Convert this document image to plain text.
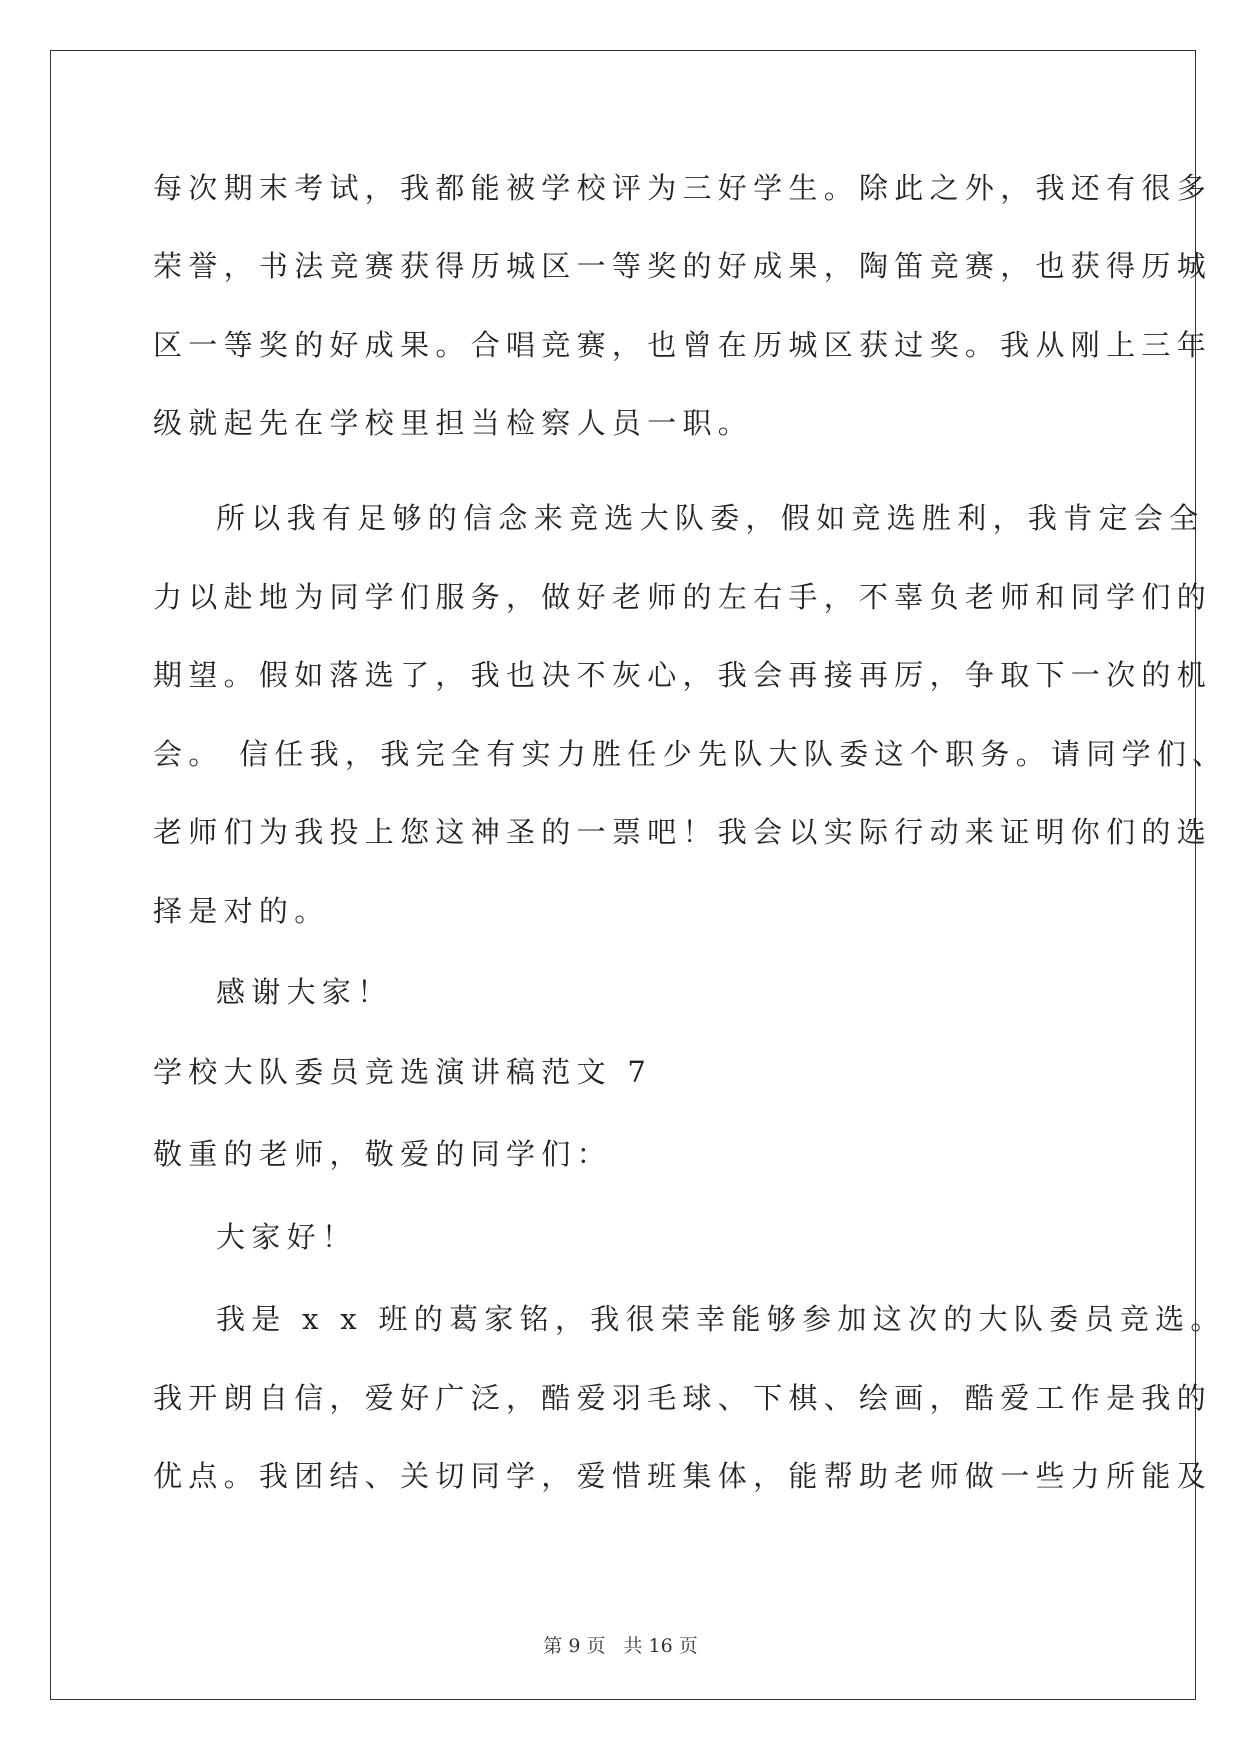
每次期末考试，我都能被学校评为三好学生。除此之外，我还有很多
荣誉，书法竞赛获得历城区一等奖的好成果，陶笛竞赛，也获得历城
区一等奖的好成果。合唱竞赛，也曾在历城区获过奖。我从刚上三年
级就起先在学校里担当检察人员一职。
所以我有足够的信念来竞选大队委，假如竞选胜利，我肯定会全
力以赴地为同学们服务，做好老师的左右手，不辜负老师和同学们的
期望。假如落选了，我也决不灰心，我会再接再厉，争取下一次的机
会。 信任我，我完全有实力胜任少先队大队委这个职务。请同学们、
老师们为我投上您这神圣的一票吧！我会以实际行动来证明你们的选
择是对的。
感谢大家！
学校大队委员竞选演讲稿范文 7
敬重的老师，敬爱的同学们：
大家好！
我是 x x 班的葛家铭，我很荣幸能够参加这次的大队委员竞选。
我开朗自信，爱好广泛，酷爱羽毛球、下棋、绘画，酷爱工作是我的
优点。我团结、关切同学，爱惜班集体，能帮助老师做一些力所能及
第 9 页 共 16 页
